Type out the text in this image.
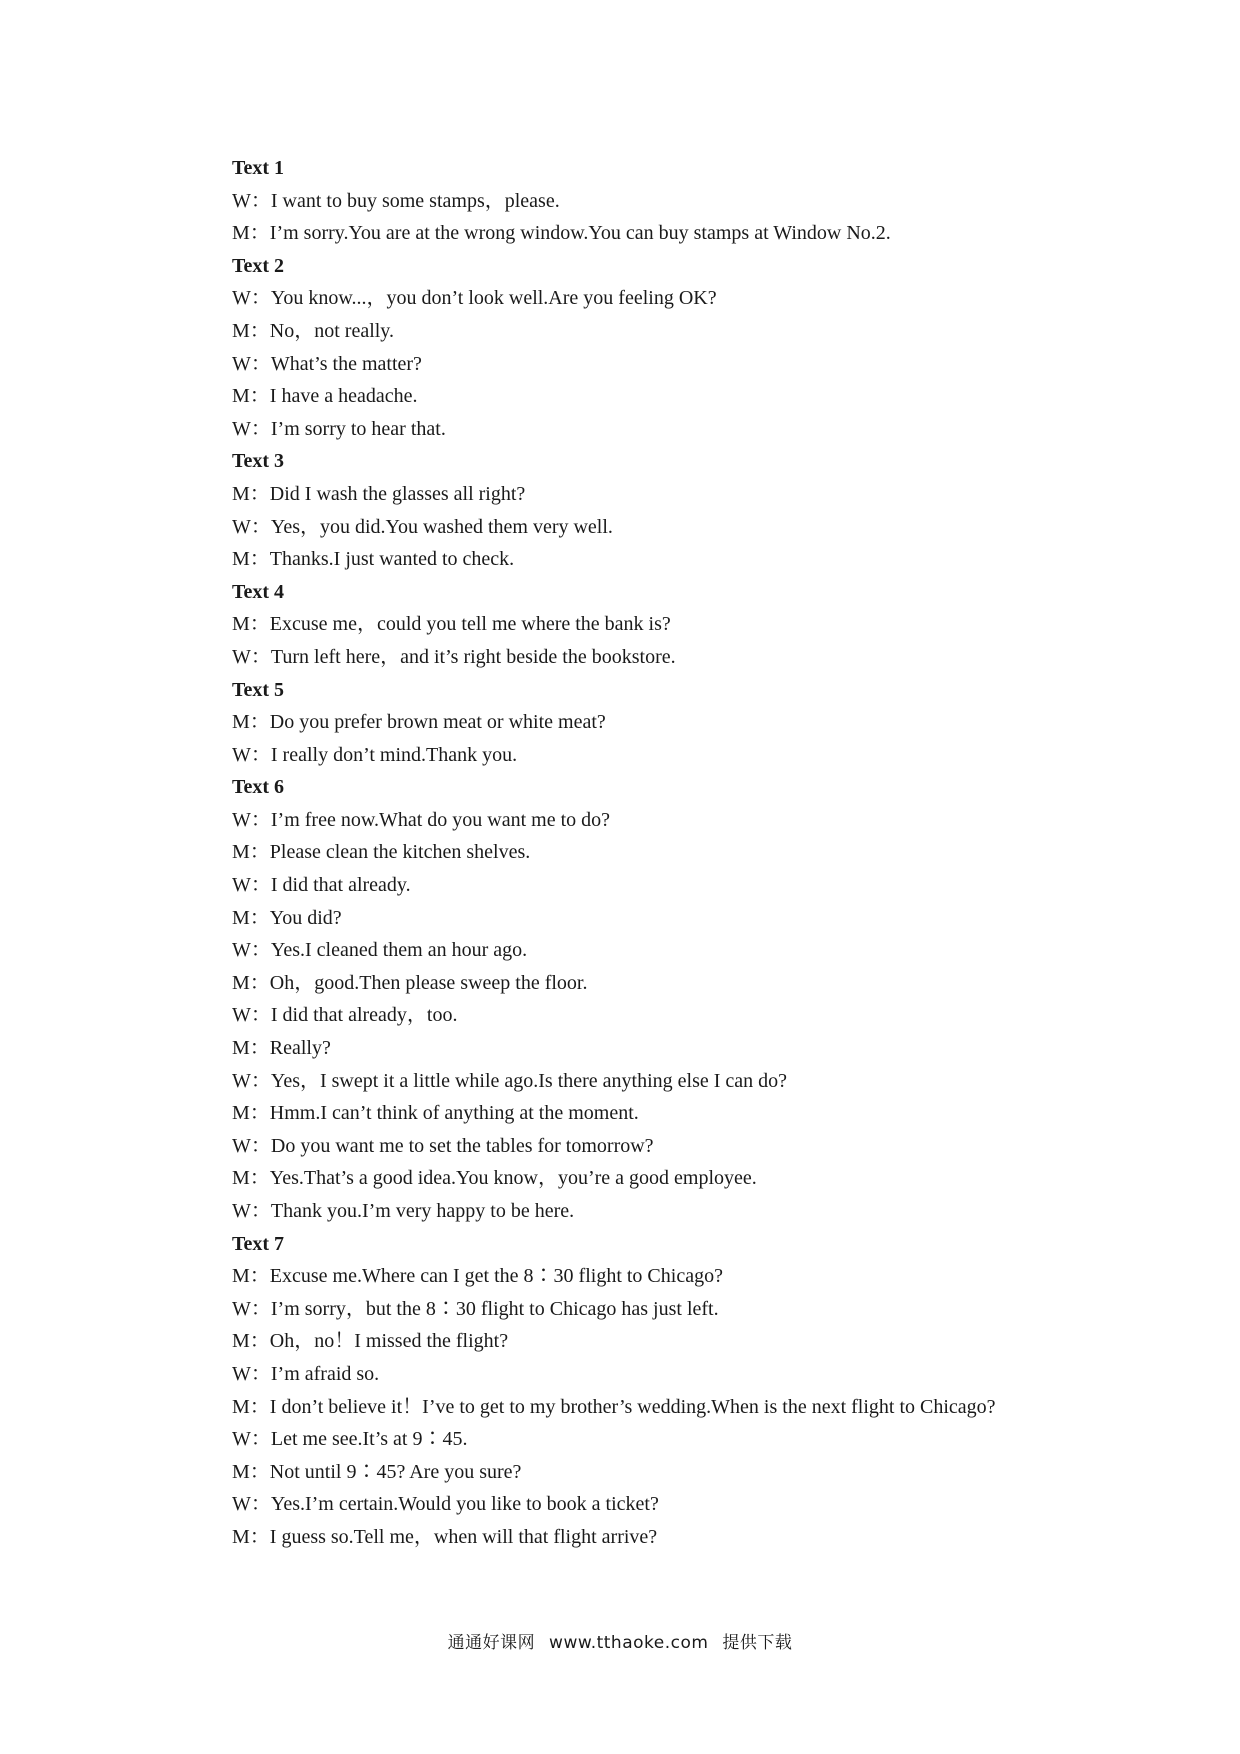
Text 1
W：I want to buy some stamps，please.
M：I’m sorry.You are at the wrong window.You can buy stamps at Window No.2.
Text 2
W：You know...，you don’t look well.Are you feeling OK?
M：No，not really.
W：What’s the matter?
M：I have a headache.
W：I’m sorry to hear that.
Text 3
M：Did I wash the glasses all right?
W：Yes，you did.You washed them very well.
M：Thanks.I just wanted to check.
Text 4
M：Excuse me，could you tell me where the bank is?
W：Turn left here，and it’s right beside the bookstore.
Text 5
M：Do you prefer brown meat or white meat?
W：I really don’t mind.Thank you.
Text 6
W：I’m free now.What do you want me to do?
M：Please clean the kitchen shelves.
W：I did that already.
M：You did?
W：Yes.I cleaned them an hour ago.
M：Oh，good.Then please sweep the floor.
W：I did that already，too.
M：Really?
W：Yes，I swept it a little while ago.Is there anything else I can do?
M：Hmm.I can’t think of anything at the moment.
W：Do you want me to set the tables for tomorrow?
M：Yes.That’s a good idea.You know，you’re a good employee.
W：Thank you.I’m very happy to be here.
Text 7
M：Excuse me.Where can I get the 8∶30 flight to Chicago?
W：I’m sorry，but the 8∶30 flight to Chicago has just left.
M：Oh，no！I missed the flight?
W：I’m afraid so.
M：I don’t believe it！I’ve to get to my brother’s wedding.When is the next flight to Chicago?
W：Let me see.It’s at 9∶45.
M：Not until 9∶45? Are you sure?
W：Yes.I’m certain.Would you like to book a ticket?
M：I guess so.Tell me，when will that flight arrive?
通通好课网 www.tthaoke.com 提供下载
